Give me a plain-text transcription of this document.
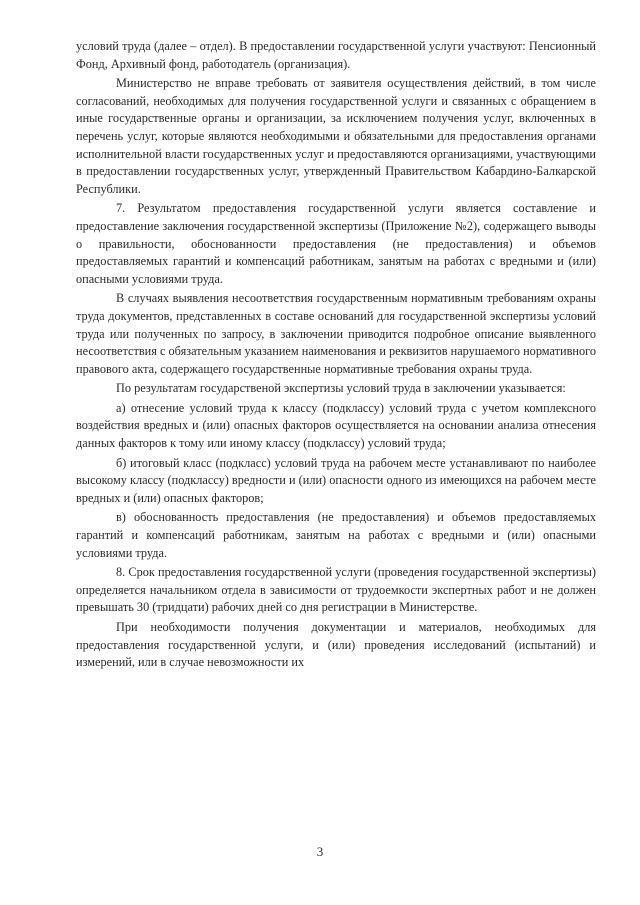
условий труда (далее – отдел). В предоставлении государственной услуги участвуют: Пенсионный Фонд, Архивный фонд, работодатель (организация).

Министерство не вправе требовать от заявителя осуществления действий, в том числе согласований, необходимых для получения государственной услуги и связанных с обращением в иные государственные органы и организации, за исключением получения услуг, включенных в перечень услуг, которые являются необходимыми и обязательными для предоставления органами исполнительной власти государственных услуг и предоставляются организациями, участвующими в предоставлении государственных услуг, утвержденный Правительством Кабардино-Балкарской Республики.

7. Результатом предоставления государственной услуги является составление и предоставление заключения государственной экспертизы (Приложение №2), содержащего выводы о правильности, обоснованности предоставления (не предоставления) и объемов предоставляемых гарантий и компенсаций работникам, занятым на работах с вредными и (или) опасными условиями труда.

В случаях выявления несоответствия государственным нормативным требованиям охраны труда документов, представленных в составе оснований для государственной экспертизы условий труда или полученных по запросу, в заключении приводится подробное описание выявленного несоответствия с обязательным указанием наименования и реквизитов нарушаемого нормативного правового акта, содержащего государственные нормативные требования охраны труда.

По результатам государственой экспертизы условий труда в заключении указывается:

а) отнесение условий труда к классу (подклассу) условий труда с учетом комплексного воздействия вредных и (или) опасных факторов осуществляется на основании анализа отнесения данных факторов к тому или иному классу (подклассу) условий труда;

б) итоговый класс (подкласс) условий труда на рабочем месте устанавливают по наиболее высокому классу (подклассу) вредности и (или) опасности одного из имеющихся на рабочем месте вредных и (или) опасных факторов;

в) обоснованность предоставления (не предоставления) и объемов предоставляемых гарантий и компенсаций работникам, занятым на работах с вредными и (или) опасными условиями труда.

8. Срок предоставления государственной услуги (проведения государственной экспертизы) определяется начальником отдела в зависимости от трудоемкости экспертных работ и не должен превышать 30 (тридцати) рабочих дней со дня регистрации в Министерстве.

При необходимости получения документации и материалов, необходимых для предоставления государственной услуги, и (или) проведения исследований (испытаний) и измерений, или в случае невозможности их

3
